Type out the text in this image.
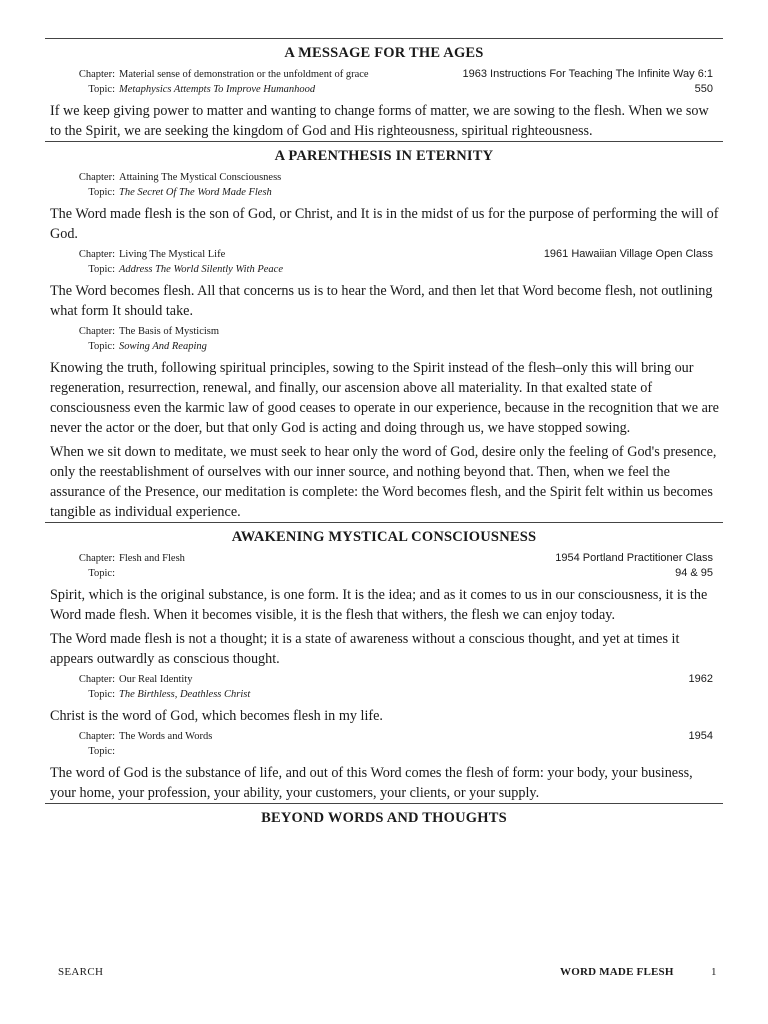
A MESSAGE FOR THE AGES
Chapter: Material sense of demonstration or the unfoldment of grace	1963 Instructions For Teaching The Infinite Way 6:1
Topic: Metaphysics Attempts To Improve Humanhood	550

If we keep giving power to matter and wanting to change forms of matter, we are sowing to the flesh. When we sow to the Spirit, we are seeking the kingdom of God and His righteousness, spiritual righteousness.

A PARENTHESIS IN ETERNITY
Chapter: Attaining The Mystical Consciousness
Topic: The Secret Of The Word Made Flesh

The Word made flesh is the son of God, or Christ, and It is in the midst of us for the purpose of performing the will of God.

Chapter: Living The Mystical Life	1961 Hawaiian Village Open Class
Topic: Address The World Silently With Peace

The Word becomes flesh. All that concerns us is to hear the Word, and then let that Word become flesh, not outlining what form It should take.

Chapter: The Basis of Mysticism
Topic: Sowing And Reaping

Knowing the truth, following spiritual principles, sowing to the Spirit instead of the flesh–only this will bring our regeneration, resurrection, renewal, and finally, our ascension above all materiality. In that exalted state of consciousness even the karmic law of good ceases to operate in our experience, because in the recognition that we are never the actor or the doer, but that only God is acting and doing through us, we have stopped sowing.

When we sit down to meditate, we must seek to hear only the word of God, desire only the feeling of God's presence, only the reestablishment of ourselves with our inner source, and nothing beyond that. Then, when we feel the assurance of the Presence, our meditation is complete: the Word becomes flesh, and the Spirit felt within us becomes tangible as individual experience.

AWAKENING MYSTICAL CONSCIOUSNESS
Chapter: Flesh and Flesh	1954 Portland Practitioner Class
Topic:	94 & 95

Spirit, which is the original substance, is one form. It is the idea; and as it comes to us in our consciousness, it is the Word made flesh. When it becomes visible, it is the flesh that withers, the flesh we can enjoy today.

The Word made flesh is not a thought; it is a state of awareness without a conscious thought, and yet at times it appears outwardly as conscious thought.

Chapter: Our Real Identity	1962
Topic: The Birthless, Deathless Christ

Christ is the word of God, which becomes flesh in my life.

Chapter: The Words and Words	1954
Topic:

The word of God is the substance of life, and out of this Word comes the flesh of form: your body, your business, your home, your profession, your ability, your customers, your clients, or your supply.

BEYOND WORDS AND THOUGHTS
SEARCH	WORD MADE FLESH	1
